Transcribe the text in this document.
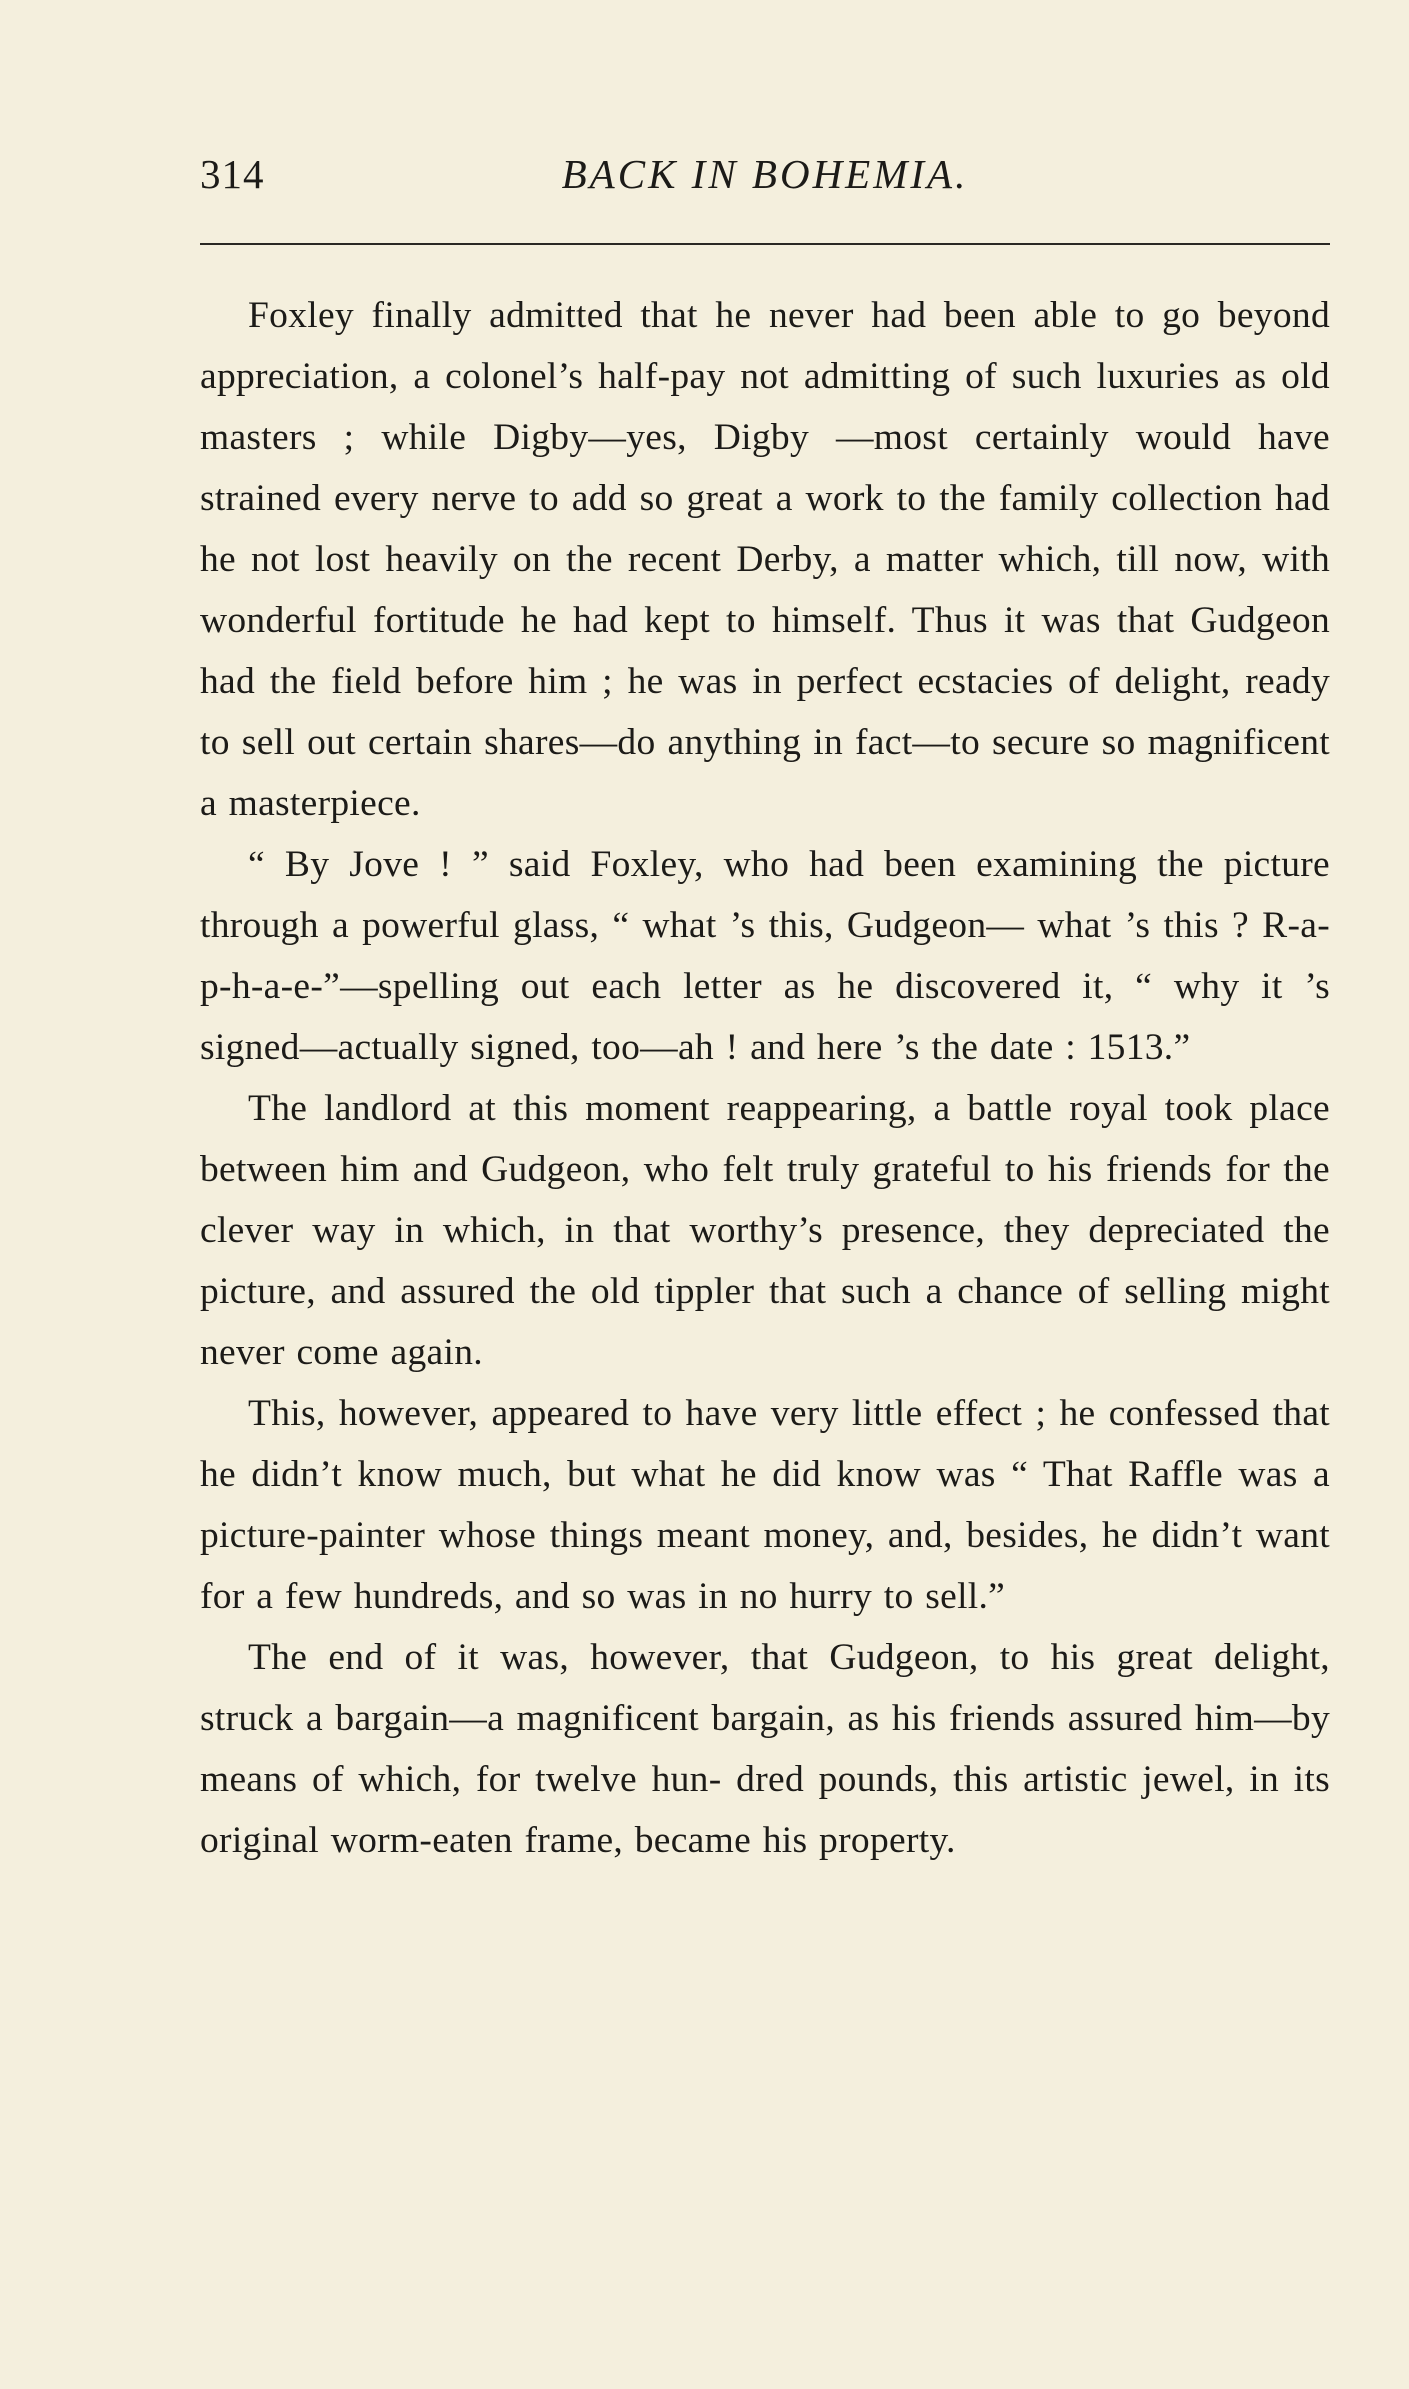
314	BACK IN BOHEMIA.

Foxley finally admitted that he never had been able to go beyond appreciation, a colonel’s half-pay not admitting of such luxuries as old masters ; while Digby—yes, Digby —most certainly would have strained every nerve to add so great a work to the family collection had he not lost heavily on the recent Derby, a matter which, till now, with wonderful fortitude he had kept to himself. Thus it was that Gudgeon had the field before him ; he was in perfect ecstacies of delight, ready to sell out certain shares—do anything in fact—to secure so magnificent a masterpiece.

“ By Jove ! ” said Foxley, who had been examining the picture through a powerful glass, “ what ’s this, Gudgeon— what ’s this ? R-a-p-h-a-e-”—spelling out each letter as he discovered it, “ why it ’s signed—actually signed, too—ah ! and here ’s the date : 1513.”

The landlord at this moment reappearing, a battle royal took place between him and Gudgeon, who felt truly grateful to his friends for the clever way in which, in that worthy’s presence, they depreciated the picture, and assured the old tippler that such a chance of selling might never come again.

This, however, appeared to have very little effect ; he confessed that he didn’t know much, but what he did know was “ That Raffle was a picture-painter whose things meant money, and, besides, he didn’t want for a few hundreds, and so was in no hurry to sell.”

The end of it was, however, that Gudgeon, to his great delight, struck a bargain—a magnificent bargain, as his friends assured him—by means of which, for twelve hun- dred pounds, this artistic jewel, in its original worm-eaten frame, became his property.
